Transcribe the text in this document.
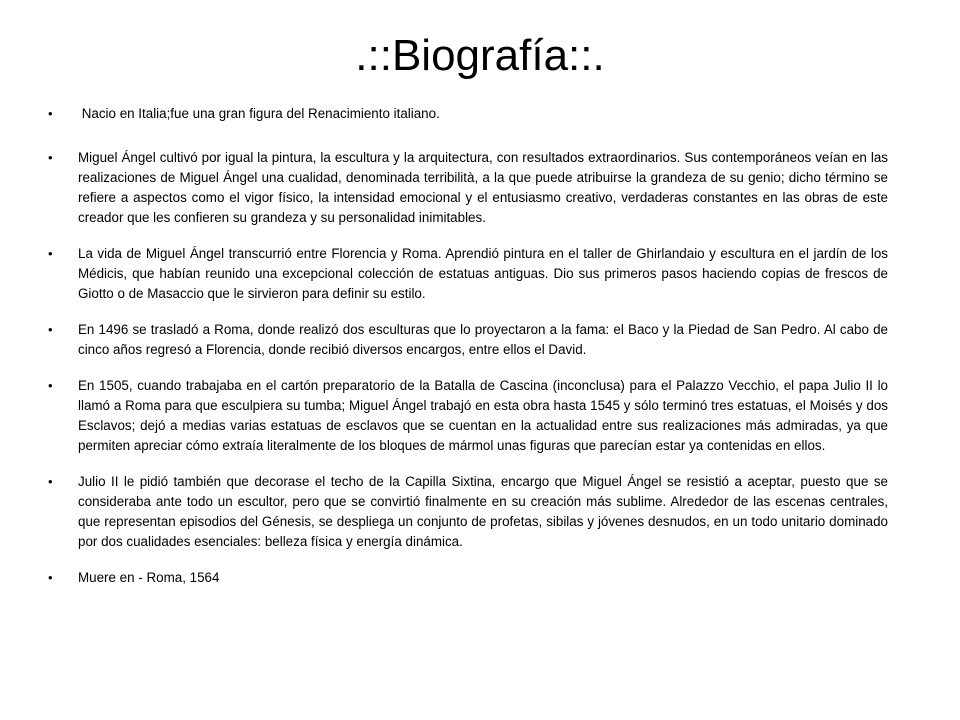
.::Biografía::.
• Nacio en Italia;fue una gran figura del Renacimiento italiano.
• Miguel Ángel cultivó por igual la pintura, la escultura y la arquitectura, con resultados extraordinarios. Sus contemporáneos veían en las realizaciones de Miguel Ángel una cualidad, denominada terribilità, a la que puede atribuirse la grandeza de su genio; dicho término se refiere a aspectos como el vigor físico, la intensidad emocional y el entusiasmo creativo, verdaderas constantes en las obras de este creador que les confieren su grandeza y su personalidad inimitables.
• La vida de Miguel Ángel transcurrió entre Florencia y Roma. Aprendió pintura en el taller de Ghirlandaio y escultura en el jardín de los Médicis, que habían reunido una excepcional colección de estatuas antiguas. Dio sus primeros pasos haciendo copias de frescos de Giotto o de Masaccio que le sirvieron para definir su estilo.
• En 1496 se trasladó a Roma, donde realizó dos esculturas que lo proyectaron a la fama: el Baco y la Piedad de San Pedro. Al cabo de cinco años regresó a Florencia, donde recibió diversos encargos, entre ellos el David.
• En 1505, cuando trabajaba en el cartón preparatorio de la Batalla de Cascina (inconclusa) para el Palazzo Vecchio, el papa Julio II lo llamó a Roma para que esculpiera su tumba; Miguel Ángel trabajó en esta obra hasta 1545 y sólo terminó tres estatuas, el Moisés y dos Esclavos; dejó a medias varias estatuas de esclavos que se cuentan en la actualidad entre sus realizaciones más admiradas, ya que permiten apreciar cómo extraía literalmente de los bloques de mármol unas figuras que parecían estar ya contenidas en ellos.
• Julio II le pidió también que decorase el techo de la Capilla Sixtina, encargo que Miguel Ángel se resistió a aceptar, puesto que se consideraba ante todo un escultor, pero que se convirtió finalmente en su creación más sublime. Alrededor de las escenas centrales, que representan episodios del Génesis, se despliega un conjunto de profetas, sibilas y jóvenes desnudos, en un todo unitario dominado por dos cualidades esenciales: belleza física y energía dinámica.
• Muere en - Roma, 1564
